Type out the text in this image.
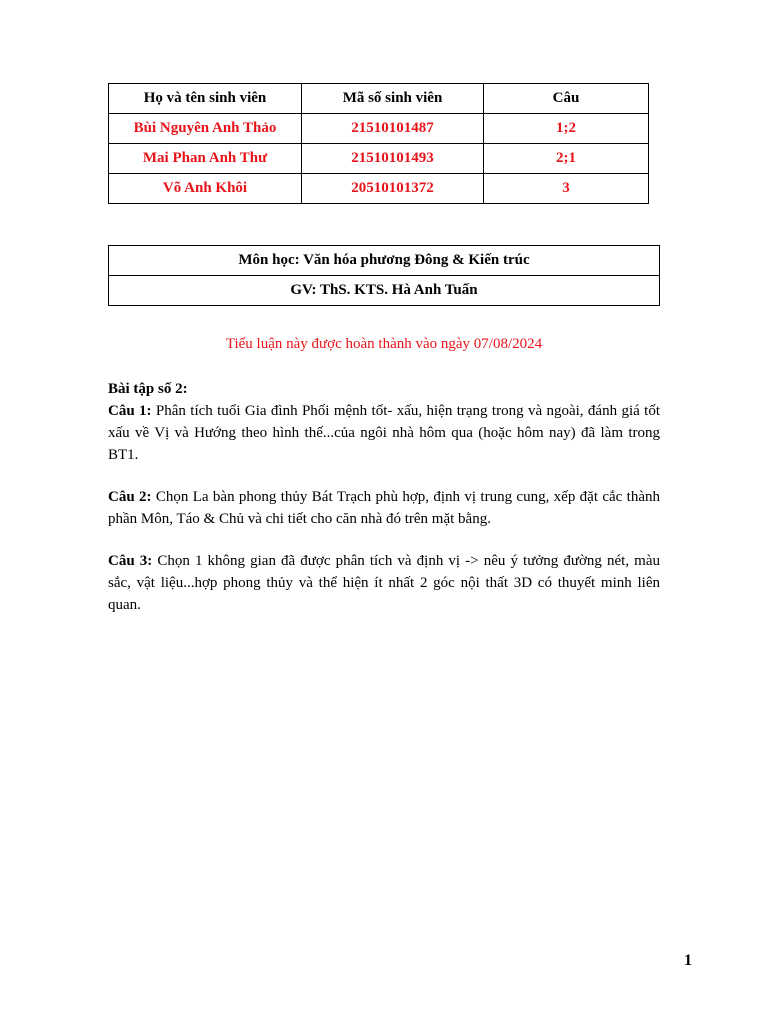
Họ và tên sinh viên	Mã số sinh viên	Câu
Bùi Nguyên Anh Thảo	21510101487	1;2
Mai Phan Anh Thư	21510101493	2;1
Võ Anh Khôi	20510101372	3
Môn học: Văn hóa phương Đông & Kiến trúc
GV: ThS. KTS. Hà Anh Tuấn
Tiểu luận này được hoàn thành vào ngày 07/08/2024

Bài tập số 2:

Câu 1: Phân tích tuổi Gia đình Phối mệnh tốt- xấu, hiện trạng trong và ngoài, đánh giá tốt xấu về Vị và Hướng theo hình thế...của ngôi nhà hôm qua (hoặc hôm nay) đã làm trong BT1.

Câu 2: Chọn La bàn phong thủy Bát Trạch phù hợp, định vị trung cung, xếp đặt cắc thành phần Môn, Táo & Chủ và chi tiết cho căn nhà đó trên mặt bằng.

Câu 3: Chọn 1 không gian đã được phân tích và định vị -> nêu ý tưởng đường nét, màu sắc, vật liệu...hợp phong thủy và thể hiện ít nhất 2 góc nội thất 3D có thuyết minh liên quan.

1
